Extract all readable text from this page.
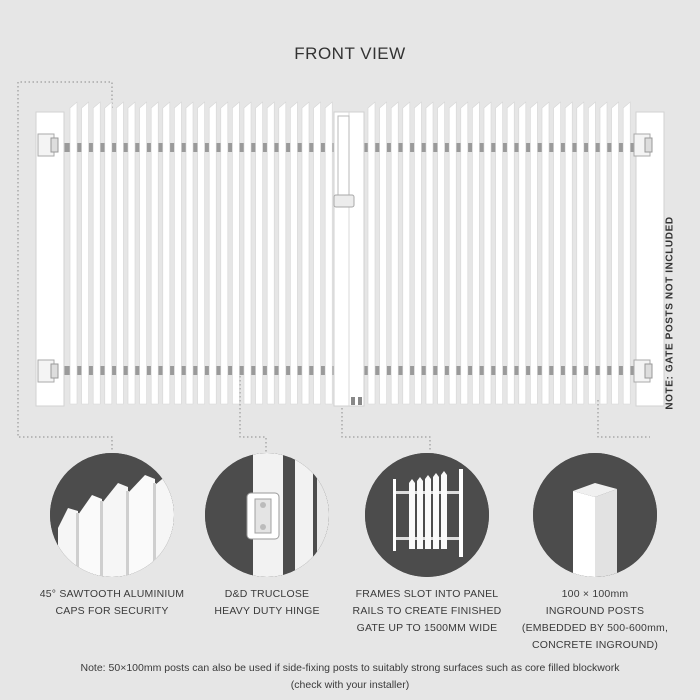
FRONT VIEW
NOTE: GATE POSTS NOT INCLUDED
45° SAWTOOTH ALUMINIUM
CAPS FOR SECURITY
D&D TRUCLOSE
HEAVY DUTY HINGE
FRAMES SLOT INTO PANEL
RAILS TO CREATE FINISHED
GATE UP TO 1500MM WIDE
100 × 100mm
INGROUND POSTS
(EMBEDDED BY 500-600mm,
CONCRETE INGROUND)
Note: 50×100mm posts can also be used if side-fixing posts to suitably strong surfaces such as core filled blockwork
(check with your installer)
